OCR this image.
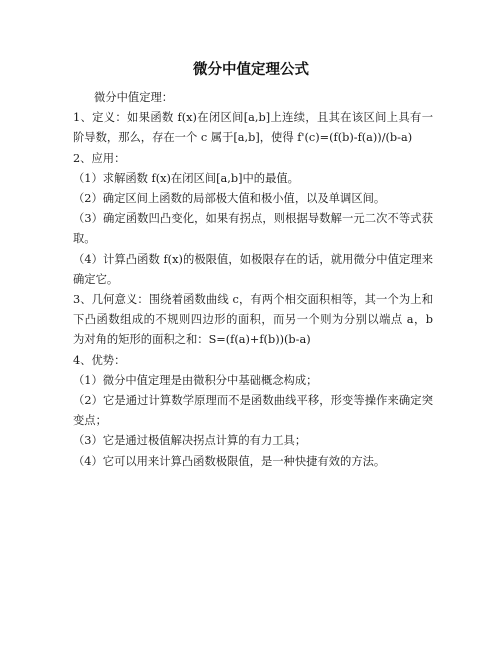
微分中值定理公式

微分中值定理：

1、定义：如果函数 f(x)在闭区间[a,b]上连续，且其在该区间上具有一阶导数，那么，存在一个 c 属于[a,b]，使得 f'(c)=(f(b)-f(a))/(b-a)

2、应用：

（1）求解函数 f(x)在闭区间[a,b]中的最值。

（2）确定区间上函数的局部极大值和极小值，以及单调区间。

（3）确定函数凹凸变化，如果有拐点，则根据导数解一元二次不等式获取。

（4）计算凸函数 f(x)的极限值，如极限存在的话，就用微分中值定理来确定它。

3、几何意义：围绕着函数曲线 c，有两个相交面积相等，其一个为上和下凸函数组成的不规则四边形的面积，而另一个则为分别以端点 a，b 为对角的矩形的面积之和：S=(f(a)+f(b))(b-a)

4、优势：

（1）微分中值定理是由微积分中基础概念构成；

（2）它是通过计算数学原理而不是函数曲线平移，形变等操作来确定突变点；

（3）它是通过极值解决拐点计算的有力工具；

（4）它可以用来计算凸函数极限值，是一种快捷有效的方法。
